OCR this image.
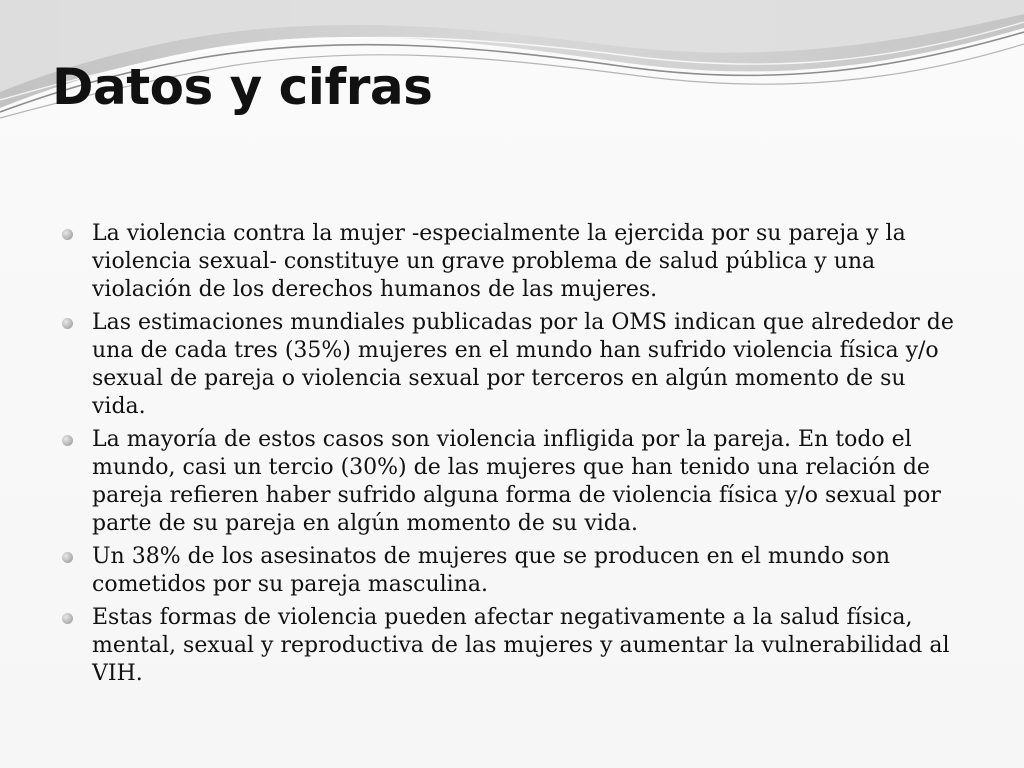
Datos y cifras
La violencia contra la mujer -especialmente la ejercida por su pareja y la violencia sexual- constituye un grave problema de salud pública y una violación de los derechos humanos de las mujeres.
Las estimaciones mundiales publicadas por la OMS indican que alrededor de una de cada tres (35%) mujeres en el mundo han sufrido violencia física y/o sexual de pareja o violencia sexual por terceros en algún momento de su vida.
La mayoría de estos casos son violencia infligida por la pareja. En todo el mundo, casi un tercio (30%) de las mujeres que han tenido una relación de pareja refieren haber sufrido alguna forma de violencia física y/o sexual por parte de su pareja en algún momento de su vida.
Un 38% de los asesinatos de mujeres que se producen en el mundo son cometidos por su pareja masculina.
Estas formas de violencia pueden afectar negativamente a la salud física, mental, sexual y reproductiva de las mujeres y aumentar la vulnerabilidad al VIH.
